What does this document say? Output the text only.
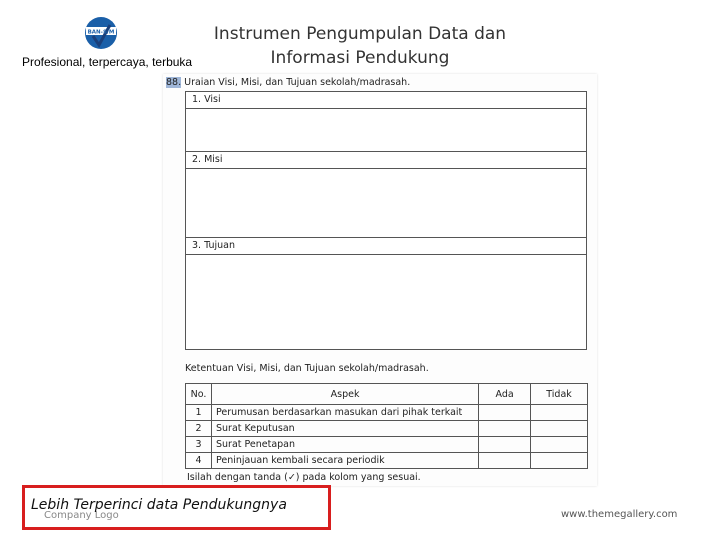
BAN-S/M
Profesional, terpercaya, terbuka
Instrumen Pengumpulan Data dan
Informasi Pendukung
88. Uraian Visi, Misi, dan Tujuan sekolah/madrasah.
1. Visi
2. Misi
3. Tujuan
Ketentuan Visi, Misi, dan Tujuan sekolah/madrasah.
No.	Aspek	Ada	Tidak
1	Perumusan berdasarkan masukan dari pihak terkait		
2	Surat Keputusan		
3	Surat Penetapan		
4	Peninjauan kembali secara periodik		
Isilah dengan tanda (✓) pada kolom yang sesuai.
Company Logo
Lebih Terperinci data Pendukungnya
www.themegallery.com
